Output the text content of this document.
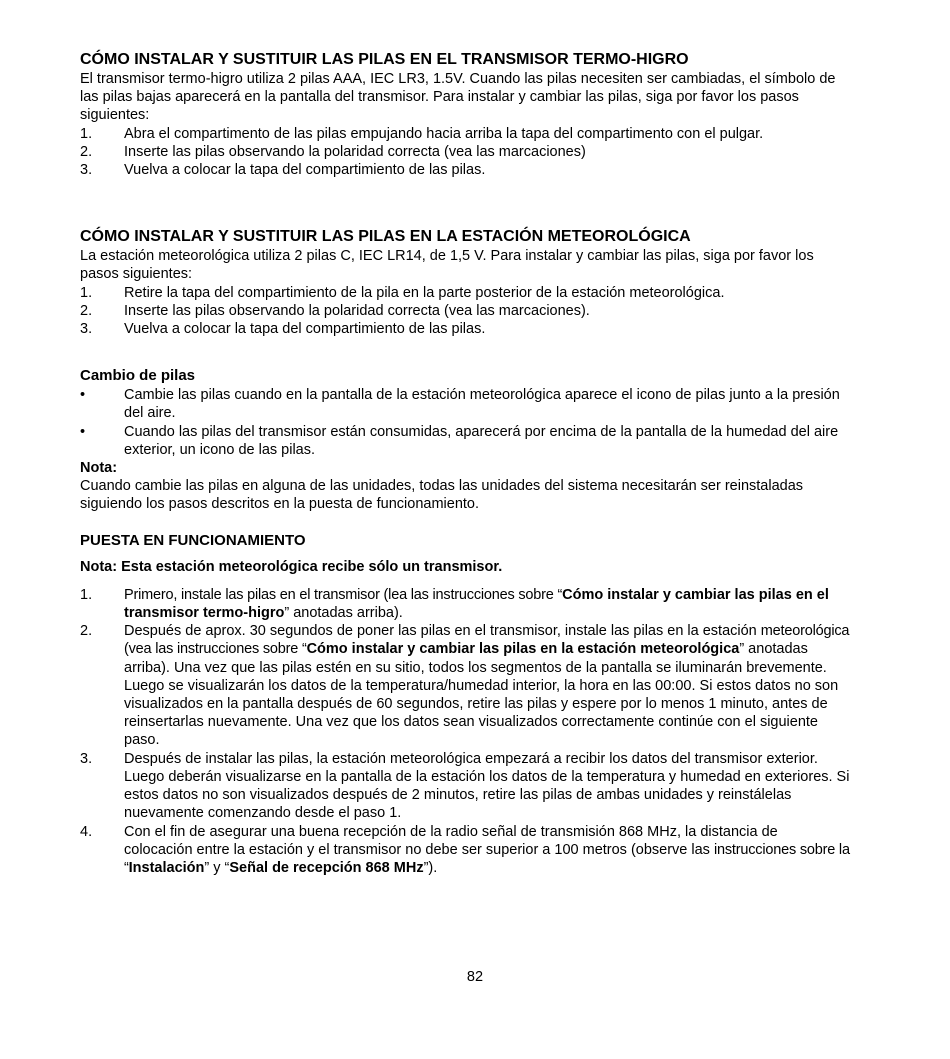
CÓMO INSTALAR Y SUSTITUIR LAS PILAS EN EL TRANSMISOR TERMO-HIGRO

El transmisor termo-higro utiliza 2 pilas AAA, IEC LR3, 1.5V. Cuando las pilas necesiten ser cambiadas, el símbolo de las pilas bajas aparecerá en la pantalla del transmisor. Para instalar y cambiar las pilas, siga por favor los pasos siguientes:

1.	Abra el compartimento de las pilas empujando hacia arriba la tapa del compartimento con el pulgar.
2.	Inserte las pilas observando la polaridad correcta (vea las marcaciones)
3.	Vuelva a colocar la tapa del compartimiento de las pilas.
CÓMO INSTALAR Y SUSTITUIR LAS PILAS EN LA ESTACIÓN METEOROLÓGICA

La estación meteorológica utiliza 2 pilas C, IEC LR14, de 1,5 V. Para instalar y cambiar las pilas, siga por favor los pasos siguientes:

1.	Retire la tapa del compartimiento de la pila en la parte posterior de la estación meteorológica.
2.	Inserte las pilas observando la polaridad correcta (vea las marcaciones).
3.	Vuelva a colocar la tapa del compartimiento de las pilas.
Cambio de pilas
•	Cambie las pilas cuando en la pantalla de la estación meteorológica aparece el icono de pilas junto a la presión del aire.
•	Cuando las pilas del transmisor están consumidas, aparecerá por encima de la pantalla de la humedad del aire exterior, un icono de las pilas.

Nota:

Cuando cambie las pilas en alguna de las unidades, todas las unidades del sistema necesitarán ser reinstaladas siguiendo los pasos descritos en la puesta de funcionamiento.

PUESTA EN FUNCIONAMIENTO

Nota: Esta estación meteorológica recibe sólo un transmisor.

1.	Primero, instale las pilas en el transmisor (lea las instrucciones sobre “Cómo instalar y cambiar las pilas en el transmisor termo-higro” anotadas arriba).
2.	Después de aprox. 30 segundos de poner las pilas en el transmisor, instale las pilas en la estación meteorológica (vea las instrucciones sobre “Cómo instalar y cambiar las pilas en la estación meteorológica” anotadas arriba). Una vez que las pilas estén en su sitio, todos los segmentos de la pantalla se iluminarán brevemente. Luego se visualizarán los datos de la temperatura/humedad interior, la hora en las 00:00. Si estos datos no son visualizados en la pantalla después de 60 segundos, retire las pilas y espere por lo menos 1 minuto, antes de reinsertarlas nuevamente. Una vez que los datos sean visualizados correctamente continúe con el siguiente paso.
3.	Después de instalar las pilas, la estación meteorológica empezará a recibir los datos del transmisor exterior. Luego deberán visualizarse en la pantalla de la estación los datos de la temperatura y humedad en exteriores. Si estos datos no son visualizados después de 2 minutos, retire las pilas de ambas unidades y reinstálelas nuevamente comenzando desde el paso 1.
4.	Con el fin de asegurar una buena recepción de la radio señal de transmisión 868 MHz, la distancia de colocación entre la estación y el transmisor no debe ser superior a 100 metros (observe las instrucciones sobre la “Instalación” y “Señal de recepción 868 MHz”).
82
